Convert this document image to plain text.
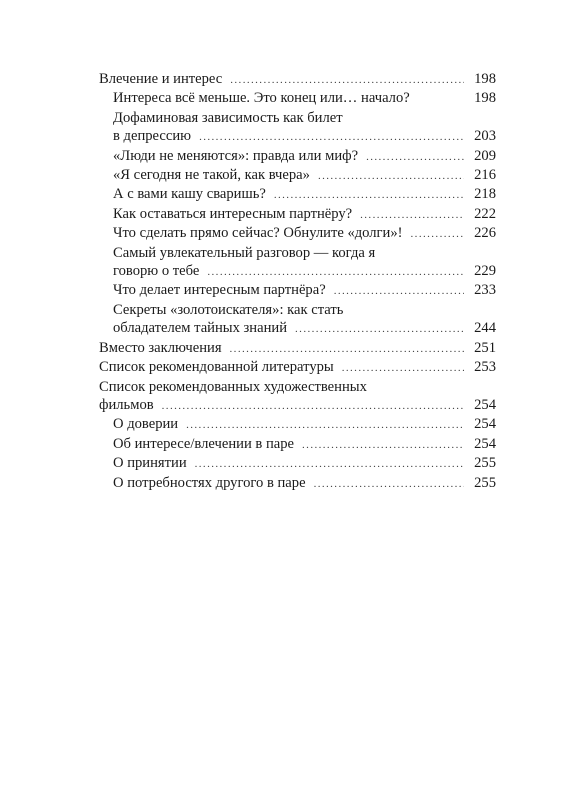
Влечение и интерес .....	198
Интереса всё меньше. Это конец или… начало?	198
Дофаминовая зависимость как билет
в депрессию .....	203
«Люди не меняются»: правда или миф? .....	209
«Я сегодня не такой, как вчера» .....	216
А с вами кашу сваришь? .....	218
Как оставаться интересным партнёру? .....	222
Что сделать прямо сейчас? Обнулите «долги»! .....	226
Самый увлекательный разговор — когда я
говорю о тебе .....	229
Что делает интересным партнёра? .....	233
Секреты «золотоискателя»: как стать
обладателем тайных знаний .....	244
Вместо заключения .....	251
Список рекомендованной литературы .....	253
Список рекомендованных художественных
фильмов .....	254
О доверии .....	254
Об интересе/влечении в паре .....	254
О принятии .....	255
О потребностях другого в паре .....	255
